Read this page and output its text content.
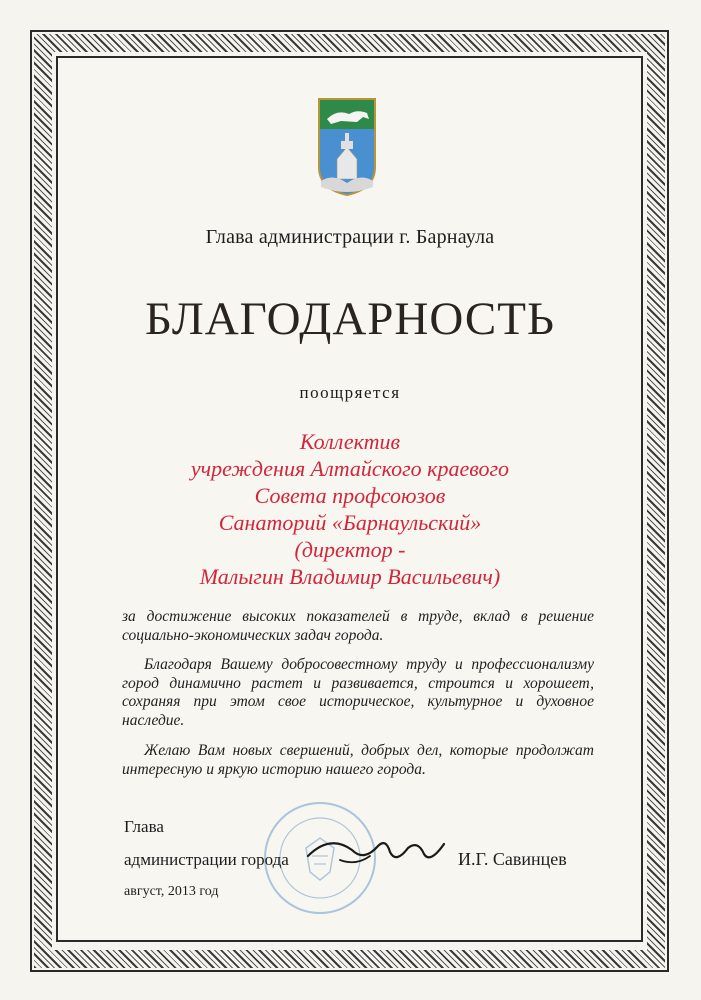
Глава администрации г. Барнаула
БЛАГОДАРНОСТЬ
поощряется
Коллектив
учреждения Алтайского краевого
Совета профсоюзов
Санаторий «Барнаульский»
(директор -
Малыгин Владимир Васильевич)

за достижение высоких показателей в труде, вклад в решение социально-экономических задач города.

Благодаря Вашему добросовестному труду и профессионализму город динамично растет и развивается, строится и хорошеет, сохраняя при этом свое историческое, культурное и духовное наследие.

Желаю Вам новых свершений, добрых дел, которые продолжат интересную и яркую историю нашего города.

Глава
администрации города	И.Г. Савинцев
август, 2013 год
